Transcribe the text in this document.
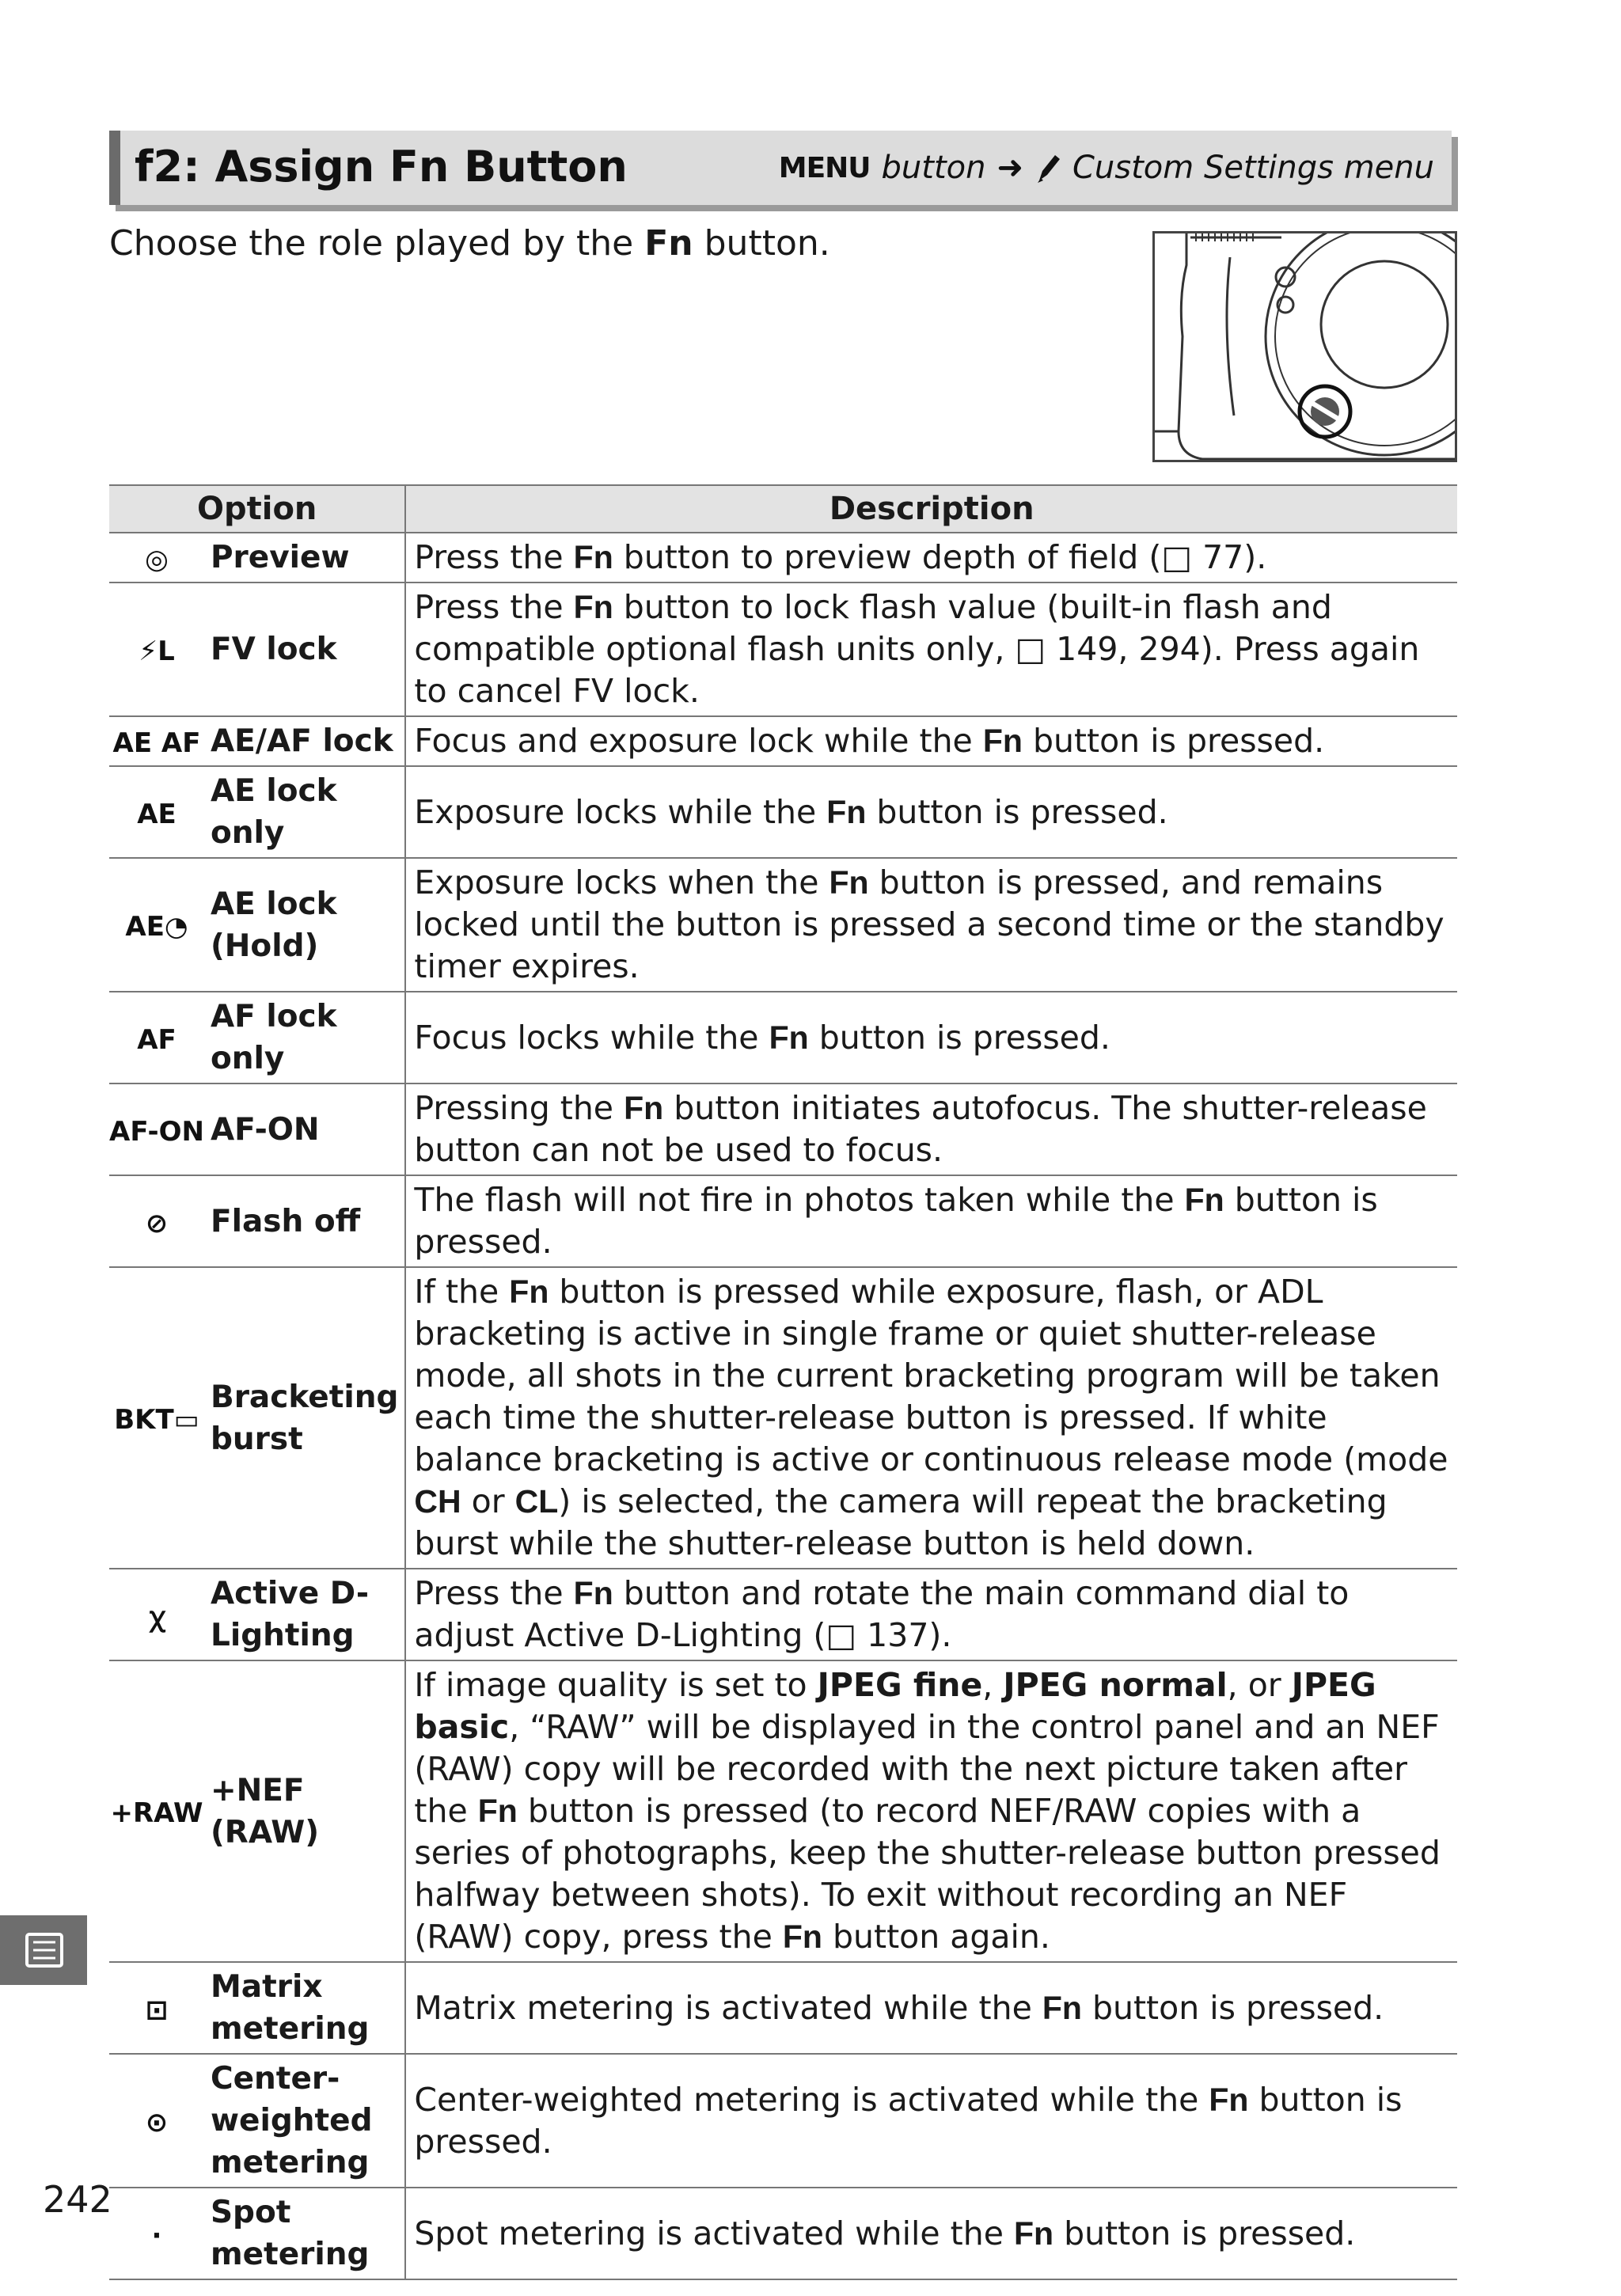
f2: Assign Fn Button	MENU button ➜ Custom Settings menu
Choose the role played by the Fn button.
Option		Description
◎	Preview	Press the Fn button to preview depth of field (□ 77).
⚡L	FV lock	Press the Fn button to lock flash value (built-in flash and compatible optional flash units only, □ 149, 294). Press again to cancel FV lock.
AE AF	AE/AF lock	Focus and exposure lock while the Fn button is pressed.
AE	AE lock only	Exposure locks while the Fn button is pressed.
AE◔	AE lock (Hold)	Exposure locks when the Fn button is pressed, and remains locked until the button is pressed a second time or the standby timer expires.
AF	AF lock only	Focus locks while the Fn button is pressed.
AF-ON	AF-ON	Pressing the Fn button initiates autofocus. The shutter-release button can not be used to focus.
⊘	Flash off	The flash will not fire in photos taken while the Fn button is pressed.
BKT▭	Bracketing burst	If the Fn button is pressed while exposure, flash, or ADL bracketing is active in single frame or quiet shutter-release mode, all shots in the current bracketing program will be taken each time the shutter-release button is pressed. If white balance bracketing is active or continuous release mode (mode CH or CL) is selected, the camera will repeat the bracketing burst while the shutter-release button is held down.
ꭓ	Active D-Lighting	Press the Fn button and rotate the main command dial to adjust Active D-Lighting (□ 137).
+RAW	+NEF (RAW)	If image quality is set to JPEG fine, JPEG normal, or JPEG basic, “RAW” will be displayed in the control panel and an NEF (RAW) copy will be recorded with the next picture taken after the Fn button is pressed (to record NEF/RAW copies with a series of photographs, keep the shutter-release button pressed halfway between shots). To exit without recording an NEF (RAW) copy, press the Fn button again.
⊡	Matrix metering	Matrix metering is activated while the Fn button is pressed.
⊙	Center-weighted metering	Center-weighted metering is activated while the Fn button is pressed.
·	Spot metering	Spot metering is activated while the Fn button is pressed.
242
